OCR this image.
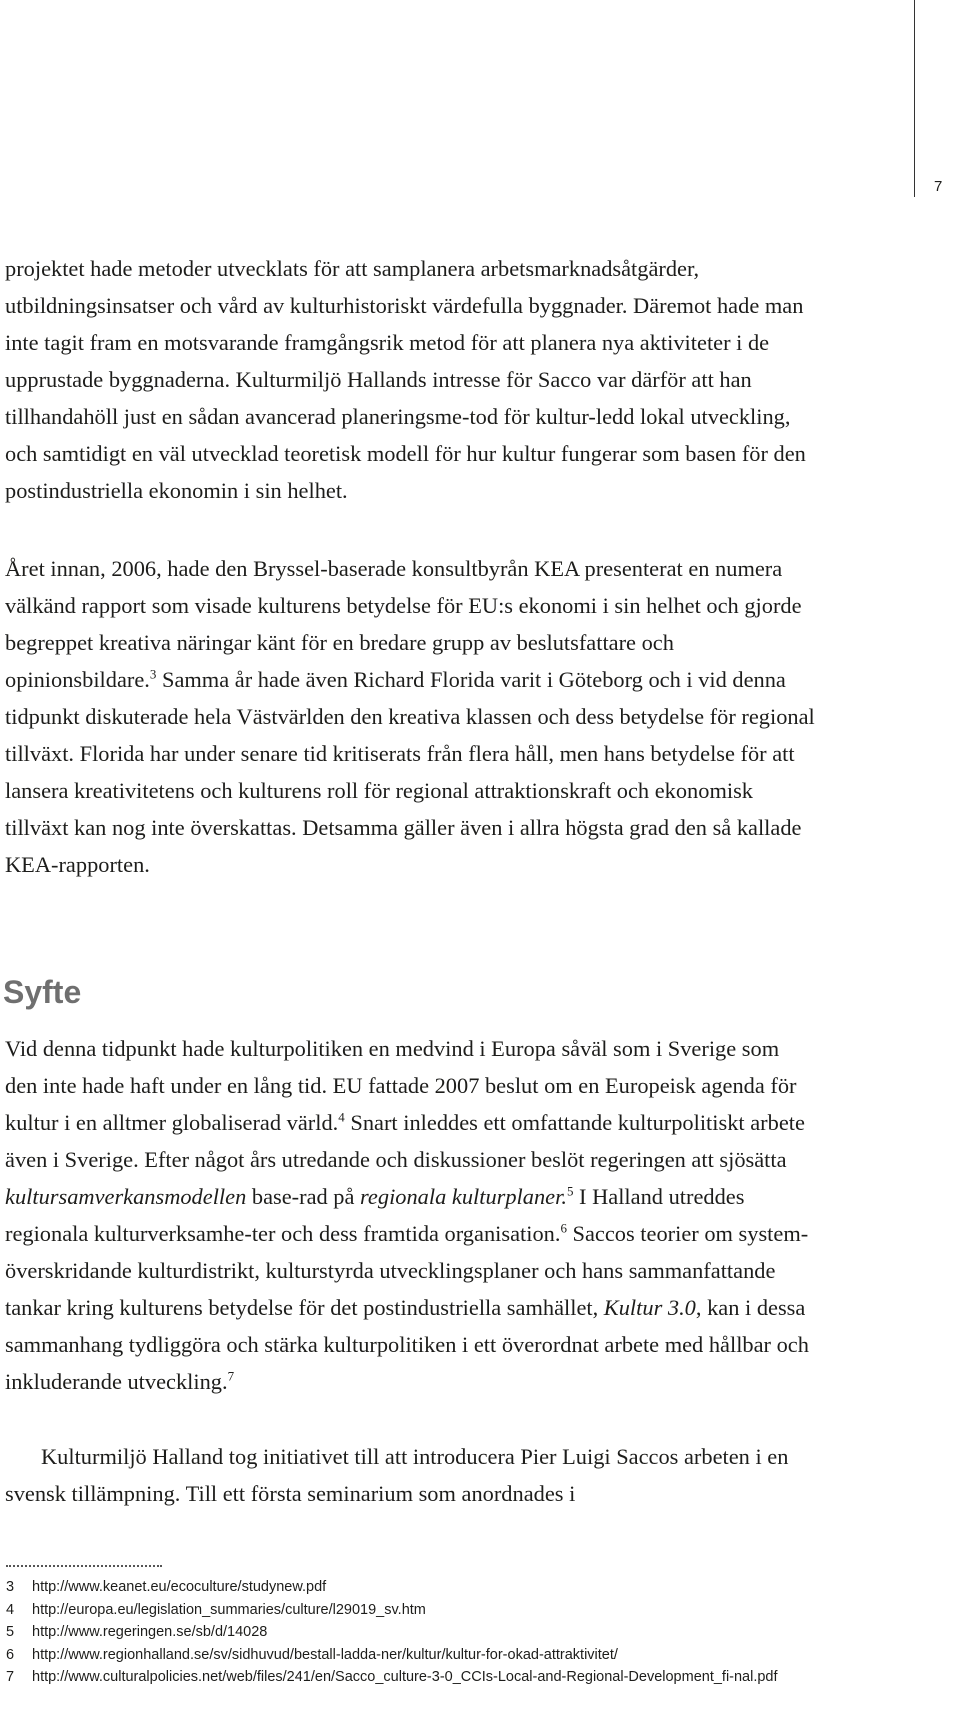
7

projektet hade metoder utvecklats för att samplanera arbetsmarknadsåtgärder, utbildningsinsatser och vård av kulturhistoriskt värdefulla byggnader. Däremot hade man inte tagit fram en motsvarande framgångsrik metod för att planera nya aktiviteter i de upprustade byggnaderna. Kulturmiljö Hallands intresse för Sacco var därför att han tillhandahöll just en sådan avancerad planeringsme-tod för kultur-ledd lokal utveckling, och samtidigt en väl utvecklad teoretisk modell för hur kultur fungerar som basen för den postindustriella ekonomin i sin helhet.

Året innan, 2006, hade den Bryssel-baserade konsultbyrån KEA presenterat en numera välkänd rapport som visade kulturens betydelse för EU:s ekonomi i sin helhet och gjorde begreppet kreativa näringar känt för en bredare grupp av beslutsfattare och opinionsbildare.$^3$ Samma år hade även Richard Florida varit i Göteborg och i vid denna tidpunkt diskuterade hela Västvärlden den kreativa klassen och dess betydelse för regional tillväxt. Florida har under senare tid kritiserats från flera håll, men hans betydelse för att lansera kreativitetens och kulturens roll för regional attraktionskraft och ekonomisk tillväxt kan nog inte överskattas. Detsamma gäller även i allra högsta grad den så kallade KEA-rapporten.

Syfte

Vid denna tidpunkt hade kulturpolitiken en medvind i Europa såväl som i Sverige som den inte hade haft under en lång tid. EU fattade 2007 beslut om en Europeisk agenda för kultur i en alltmer globaliserad värld.$^4$ Snart inleddes ett omfattande kulturpolitiskt arbete även i Sverige. Efter något års utredande och diskussioner beslöt regeringen att sjösätta kultursamverkansmodellen base-rad på regionala kulturplaner.$^5$ I Halland utreddes regionala kulturverksamhe-ter och dess framtida organisation.$^6$ Saccos teorier om system-överskridande kulturdistrikt, kulturstyrda utvecklingsplaner och hans sammanfattande tankar kring kulturens betydelse för det postindustriella samhället, Kultur 3.0, kan i dessa sammanhang tydliggöra och stärka kulturpolitiken i ett överordnat arbete med hållbar och inkluderande utveckling.$^7$

Kulturmiljö Halland tog initiativet till att introducera Pier Luigi Saccos arbeten i en svensk tillämpning. Till ett första seminarium som anordnades i

3	http://www.keanet.eu/ecoculture/studynew.pdf
4	http://europa.eu/legislation_summaries/culture/l29019_sv.htm
5	http://www.regeringen.se/sb/d/14028
6	http://www.regionhalland.se/sv/sidhuvud/bestall-ladda-ner/kultur/kultur-for-okad-attraktivitet/
7	http://www.culturalpolicies.net/web/files/241/en/Sacco_culture-3-0_CCIs-Local-and-Regional-Development_fi-nal.pdf
